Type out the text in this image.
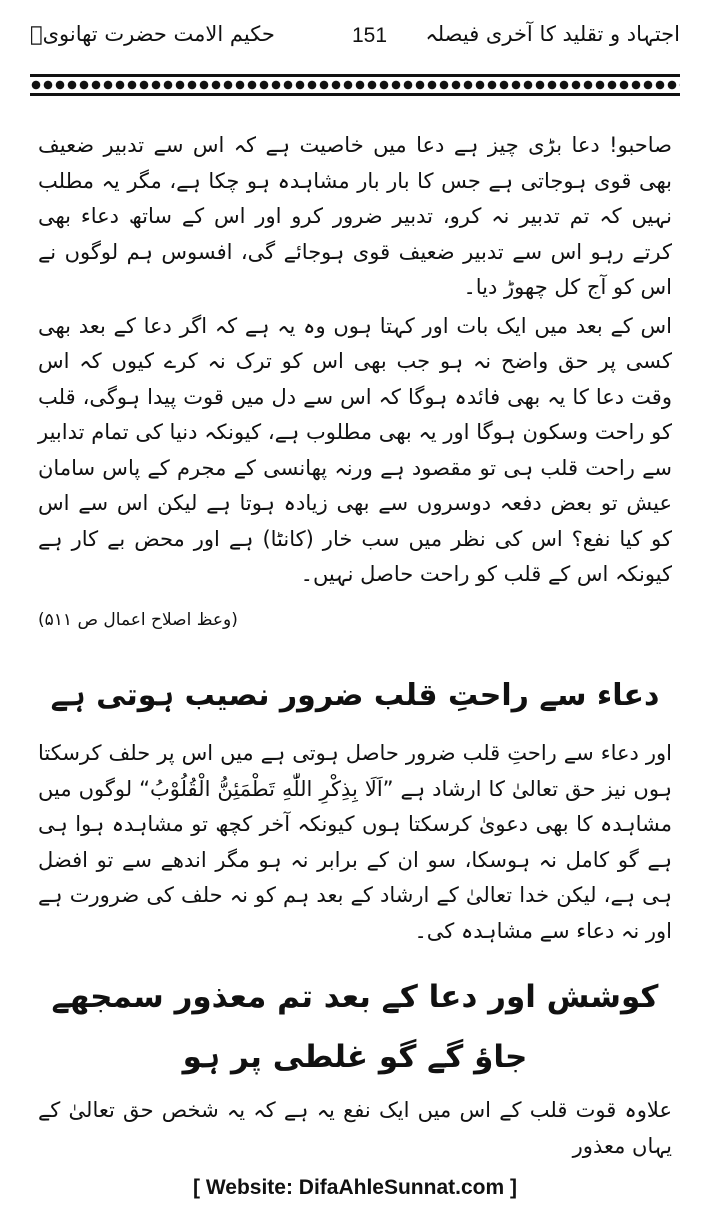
اجتہاد و تقلید کا آخری فیصلہ
151
حکیم الامت حضرت تھانویؒ

صاحبو! دعا بڑی چیز ہے دعا میں خاصیت ہے کہ اس سے تدبیر ضعیف بھی قوی ہوجاتی ہے جس کا بار بار مشاہدہ ہو چکا ہے، مگر یہ مطلب نہیں کہ تم تدبیر نہ کرو، تدبیر ضرور کرو اور اس کے ساتھ دعاء بھی کرتے رہو اس سے تدبیر ضعیف قوی ہوجائے گی، افسوس ہم لوگوں نے اس کو آج کل چھوڑ دیا۔

اس کے بعد میں ایک بات اور کہتا ہوں وہ یہ ہے کہ اگر دعا کے بعد بھی کسی پر حق واضح نہ ہو جب بھی اس کو ترک نہ کرے کیوں کہ اس وقت دعا کا یہ بھی فائدہ ہوگا کہ اس سے دل میں قوت پیدا ہوگی، قلب کو راحت وسکون ہوگا اور یہ بھی مطلوب ہے، کیونکہ دنیا کی تمام تدابیر سے راحت قلب ہی تو مقصود ہے ورنہ پھانسی کے مجرم کے پاس سامان عیش تو بعض دفعہ دوسروں سے بھی زیادہ ہوتا ہے لیکن اس سے اس کو کیا نفع؟ اس کی نظر میں سب خار (کانٹا) ہے اور محض بے کار ہے کیونکہ اس کے قلب کو راحت حاصل نہیں۔

(وعظ اصلاح اعمال ص ۵۱۱)

دعاء سے راحتِ قلب ضرور نصیب ہوتی ہے

اور دعاء سے راحتِ قلب ضرور حاصل ہوتی ہے میں اس پر حلف کرسکتا ہوں نیز حق تعالیٰ کا ارشاد ہے ”اَلَا بِذِكْرِ اللّٰهِ تَطْمَئِنُّ الْقُلُوْبُ“ لوگوں میں مشاہدہ کا بھی دعویٰ کرسکتا ہوں کیونکہ آخر کچھ تو مشاہدہ ہوا ہی ہے گو کامل نہ ہوسکا، سو ان کے برابر نہ ہو مگر اندھے سے تو افضل ہی ہے، لیکن خدا تعالیٰ کے ارشاد کے بعد ہم کو نہ حلف کی ضرورت ہے اور نہ دعاء سے مشاہدہ کی۔

کوشش اور دعا کے بعد تم معذور سمجھے جاؤ گے گو غلطی پر ہو

علاوہ قوت قلب کے اس میں ایک نفع یہ ہے کہ یہ شخص حق تعالیٰ کے یہاں معذور

[ Website: DifaAhleSunnat.com ]
